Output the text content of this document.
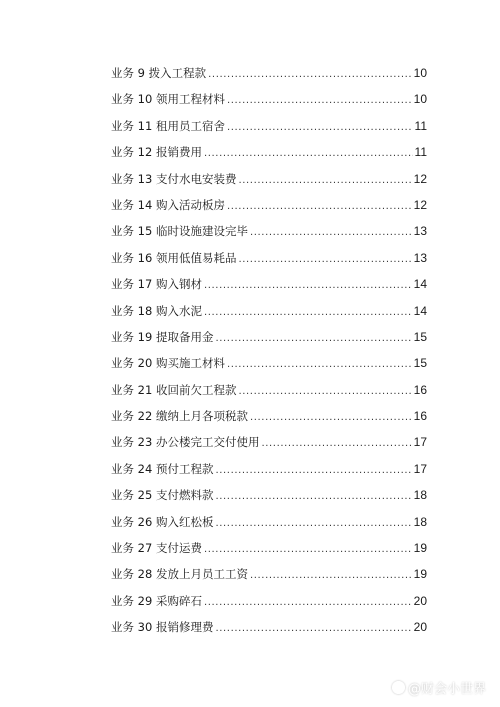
业务 9 拨入工程款 .....	10
业务 10 领用工程材料 .....	10
业务 11 租用员工宿舍 .....	11
业务 12 报销费用 .....	11
业务 13 支付水电安装费 .....	12
业务 14 购入活动板房 .....	12
业务 15 临时设施建设完毕 .....	13
业务 16 领用低值易耗品 .....	13
业务 17 购入钢材 .....	14
业务 18 购入水泥 .....	14
业务 19 提取备用金 .....	15
业务 20 购买施工材料 .....	15
业务 21 收回前欠工程款 .....	16
业务 22 缴纳上月各项税款 .....	16
业务 23 办公楼完工交付使用 .....	17
业务 24 预付工程款 .....	17
业务 25 支付燃料款 .....	18
业务 26 购入红松板 .....	18
业务 27 支付运费 .....	19
业务 28 发放上月员工工资 .....	19
业务 29 采购碎石 .....	20
业务 30 报销修理费 .....	20
@财会小世界
